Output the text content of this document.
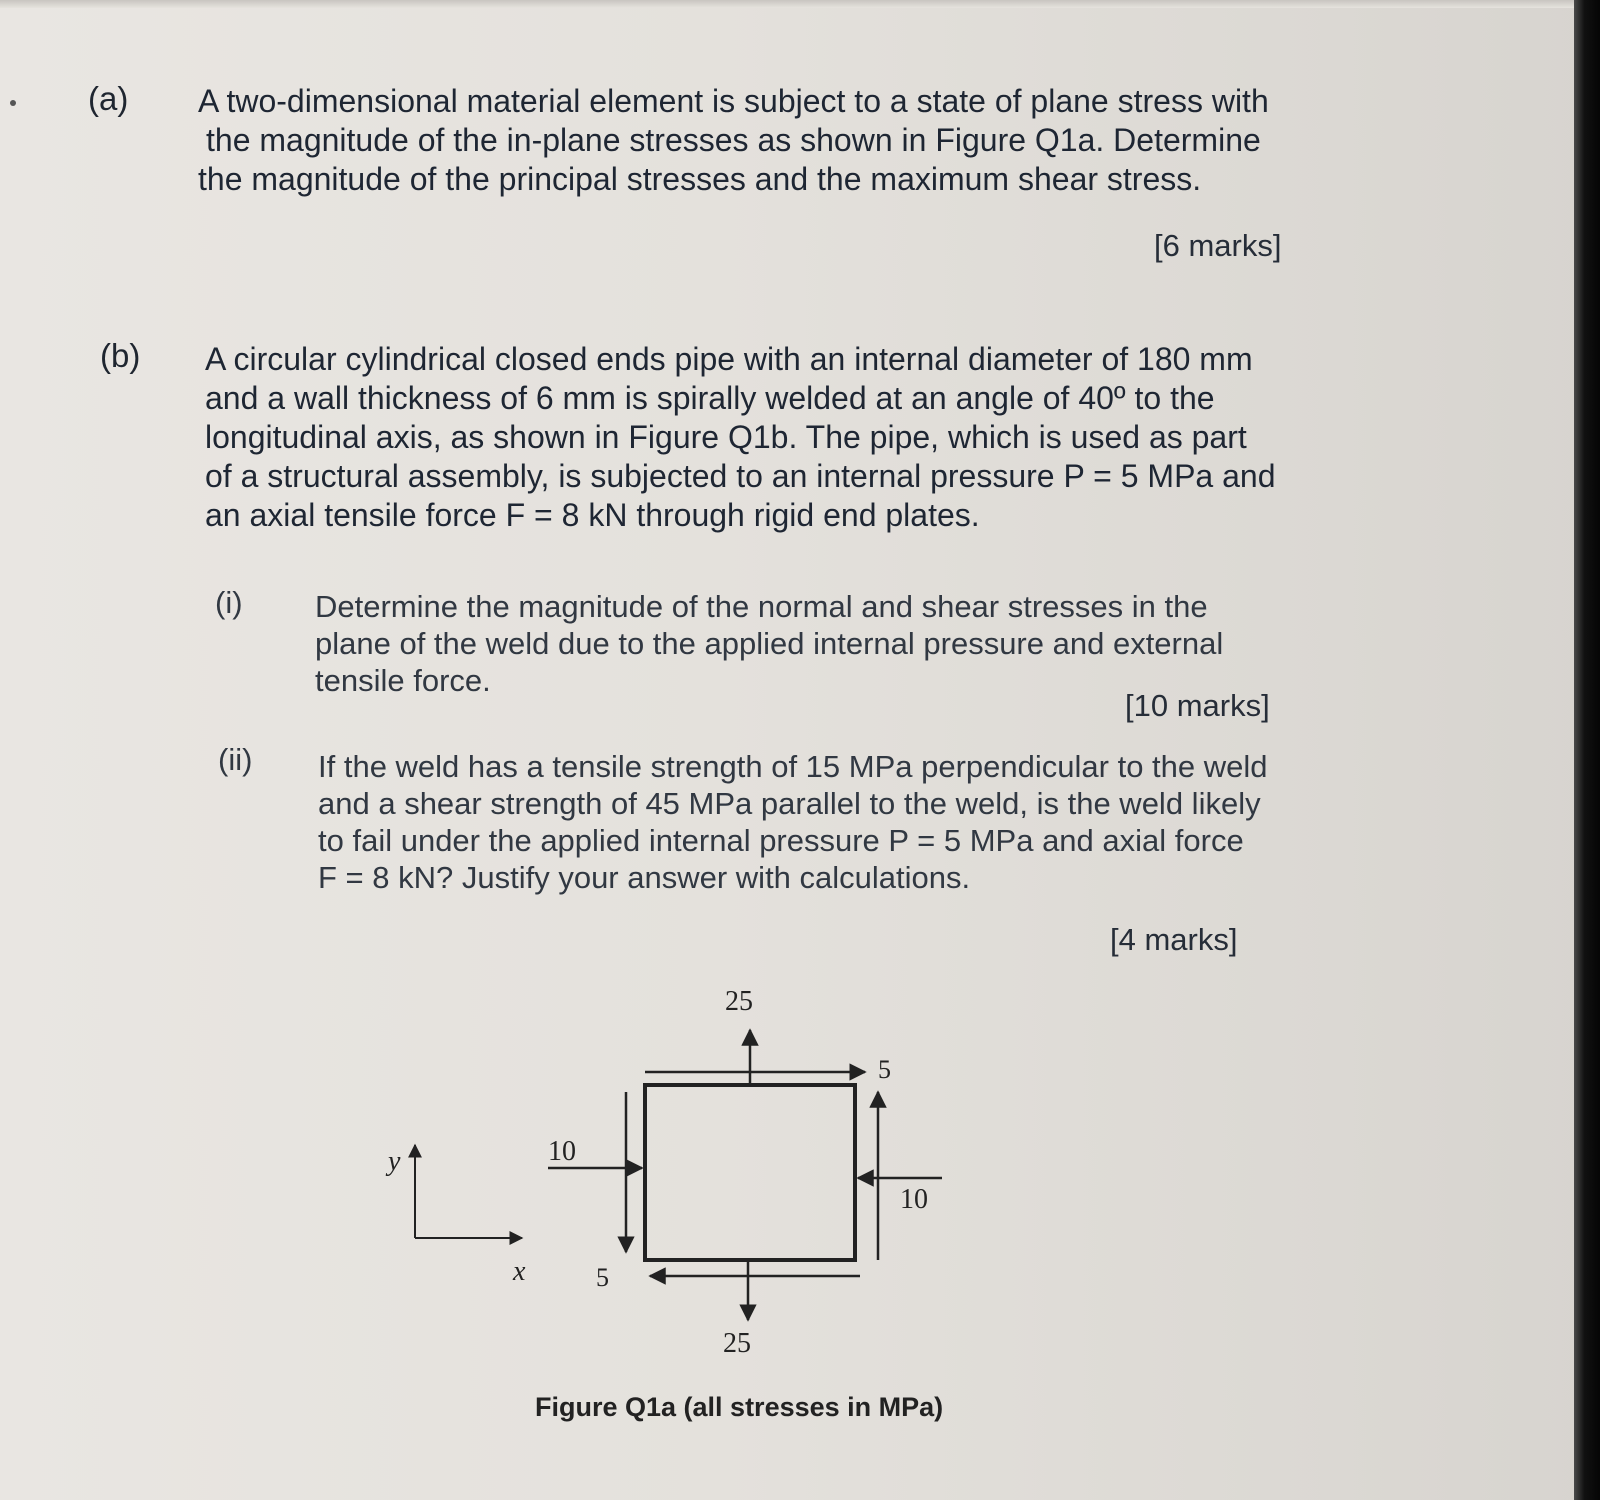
(a) A two-dimensional material element is subject to a state of plane stress with
the magnitude of the in-plane stresses as shown in Figure Q1a. Determine
the magnitude of the principal stresses and the maximum shear stress.
[6 marks]
(b) A circular cylindrical closed ends pipe with an internal diameter of 180 mm
and a wall thickness of 6 mm is spirally welded at an angle of 40º to the
longitudinal axis, as shown in Figure Q1b. The pipe, which is used as part
of a structural assembly, is subjected to an internal pressure P = 5 MPa and
an axial tensile force F = 8 kN through rigid end plates.
(i) Determine the magnitude of the normal and shear stresses in the
plane of the weld due to the applied internal pressure and external
tensile force.
[10 marks]
(ii) If the weld has a tensile strength of 15 MPa perpendicular to the weld
and a shear strength of 45 MPa parallel to the weld, is the weld likely
to fail under the applied internal pressure P = 5 MPa and axial force
F = 8 kN? Justify your answer with calculations.
[4 marks]
25
25
5
5
10
10
y
x
Figure Q1a (all stresses in MPa)
